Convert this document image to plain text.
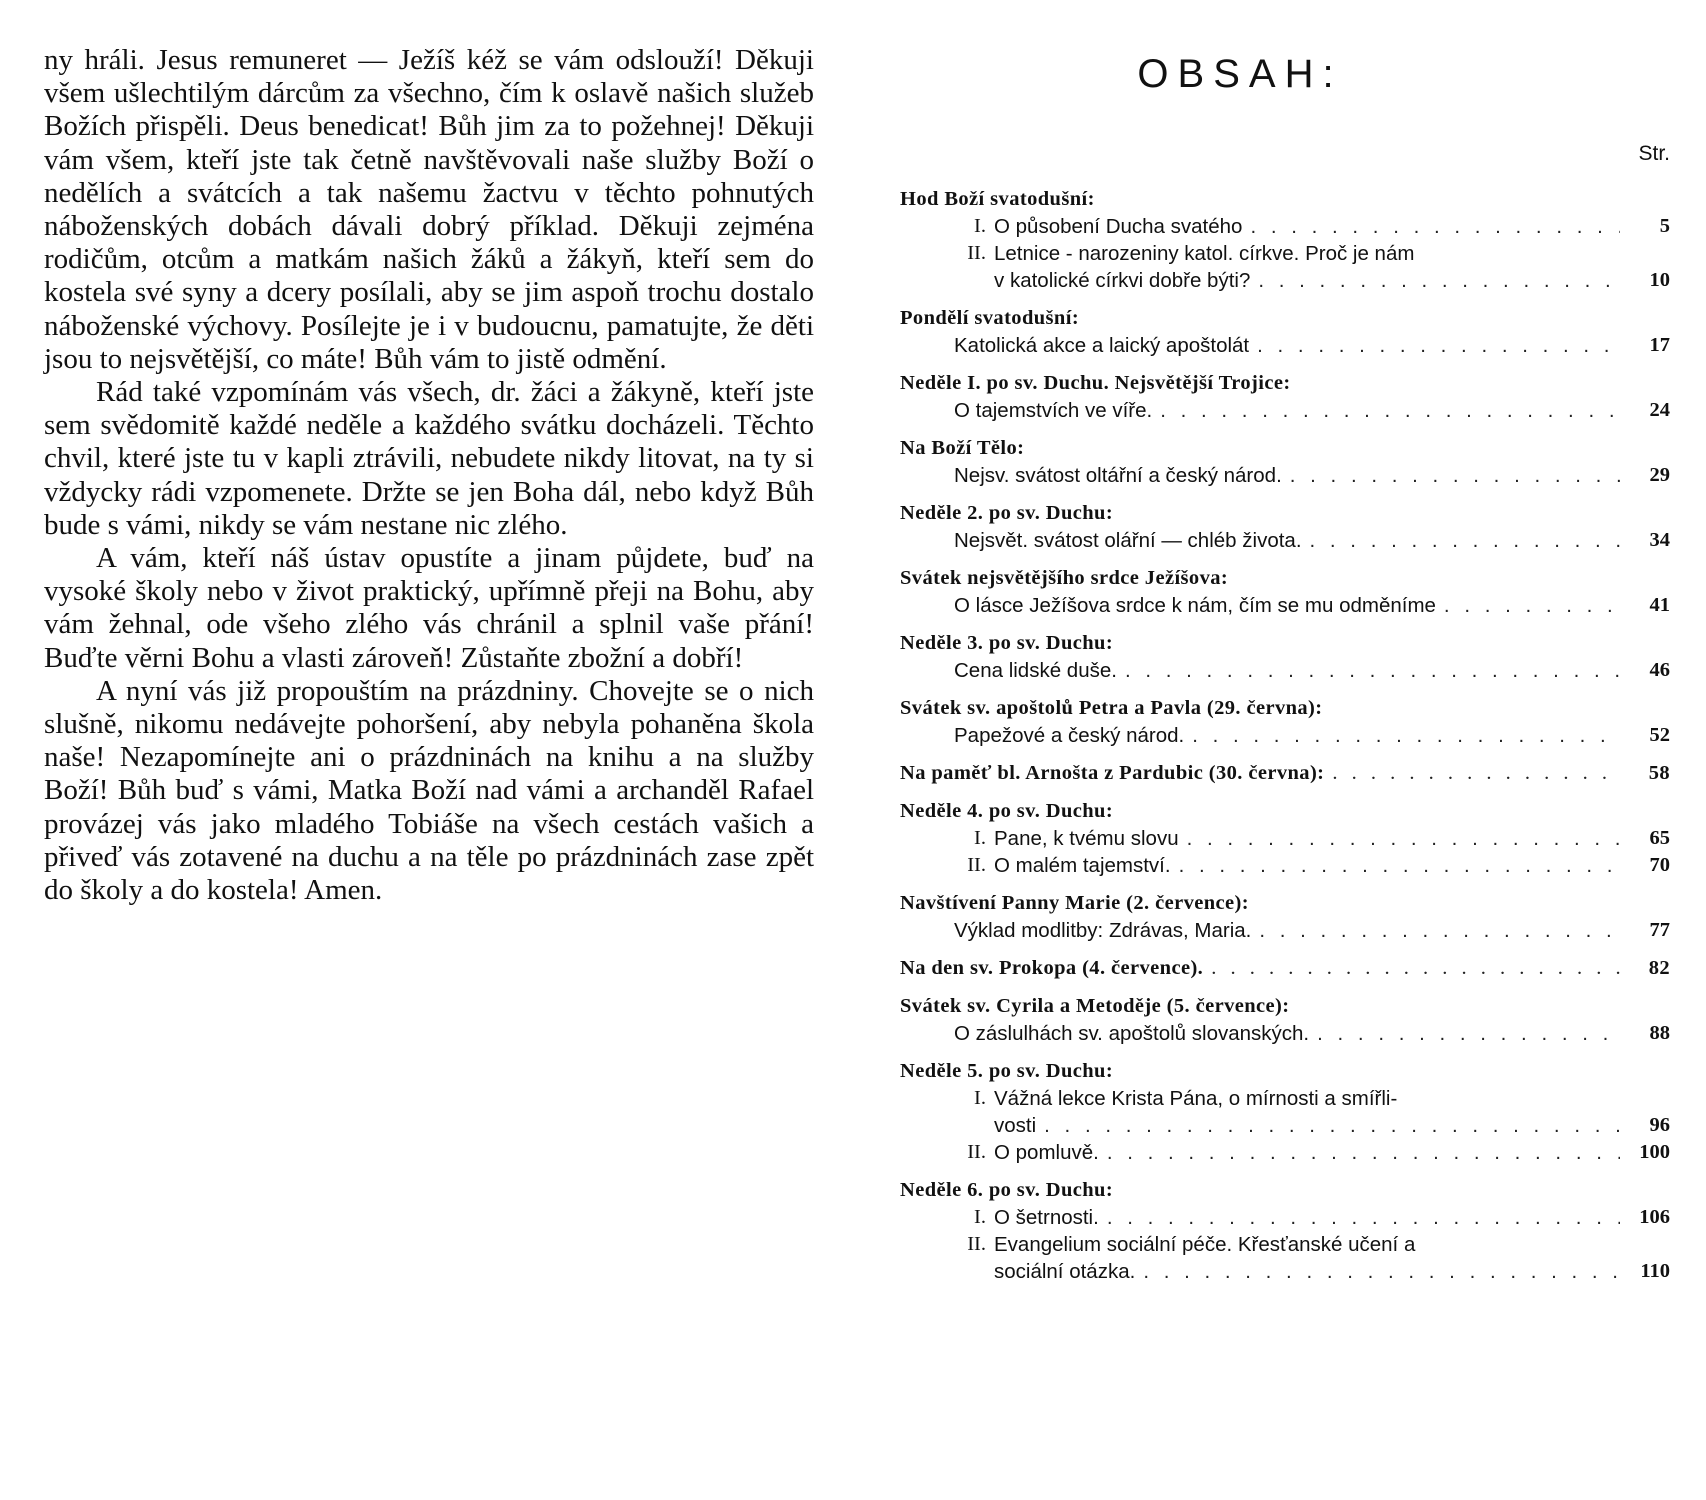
ny hráli. Jesus remuneret — Ježíš kéž se vám odslouží! Děkuji všem ušlechtilým dárcům za všechno, čím k oslavě našich služeb Božích přispěli. Deus benedicat! Bůh jim za to požehnej! Děkuji vám všem, kteří jste tak četně navštěvovali naše služby Boží o nedělích a svátcích a tak našemu žactvu v těchto pohnutých náboženských dobách dávali dobrý příklad. Děkuji zejména rodičům, otcům a matkám našich žáků a žákyň, kteří sem do kostela své syny a dcery posílali, aby se jim aspoň trochu dostalo náboženské výchovy. Posílejte je i v budoucnu, pamatujte, že děti jsou to nejsvětější, co máte! Bůh vám to jistě odmění.

Rád také vzpomínám vás všech, dr. žáci a žákyně, kteří jste sem svědomitě každé neděle a každého svátku docházeli. Těchto chvil, které jste tu v kapli ztrávili, nebudete nikdy litovat, na ty si vždycky rádi vzpomenete. Držte se jen Boha dál, nebo když Bůh bude s vámi, nikdy se vám nestane nic zlého.

A vám, kteří náš ústav opustíte a jinam půjdete, buď na vysoké školy nebo v život praktický, upřímně přeji na Bohu, aby vám žehnal, ode všeho zlého vás chránil a splnil vaše přání! Buďte věrni Bohu a vlasti zároveň! Zůstaňte zbožní a dobří!

A nyní vás již propouštím na prázdniny. Chovejte se o nich slušně, nikomu nedávejte pohoršení, aby nebyla pohaněna škola naše! Nezapomínejte ani o prázdninách na knihu a na služby Boží! Bůh buď s vámi, Matka Boží nad vámi a archanděl Rafael provázej vás jako mladého Tobiáše na všech cestách vašich a přiveď vás zotavené na duchu a na těle po prázdninách zase zpět do školy a do kostela! Amen.

OBSAH:
Str.
Hod Boží svatodušní:
I. O působení Ducha svatého . . .	5
II. Letnice - narozeniny katol. církve. Proč je nám
v katolické církvi dobře býti? . . .	10
Pondělí svatodušní:
Katolická akce a laický apoštolát . . .	17
Neděle I. po sv. Duchu. Nejsvětější Trojice:
O tajemstvích ve víře. . . .	24
Na Boží Tělo:
Nejsv. svátost oltářní a český národ. . . .	29
Neděle 2. po sv. Duchu:
Nejsvět. svátost olářní — chléb života. . . .	34
Svátek nejsvětějšího srdce Ježíšova:
O lásce Ježíšova srdce k nám, čím se mu odměníme . . .	41
Neděle 3. po sv. Duchu:
Cena lidské duše. . . .	46
Svátek sv. apoštolů Petra a Pavla (29. června):
Papežové a český národ. . . .	52
Na paměť bl. Arnošta z Pardubic (30. června): . . .	58
Neděle 4. po sv. Duchu:
I. Pane, k tvému slovu . . .	65
II. O malém tajemství. . . .	70
Navštívení Panny Marie (2. července):
Výklad modlitby: Zdrávas, Maria. . . .	77
Na den sv. Prokopa (4. července). . . .	82
Svátek sv. Cyrila a Metoděje (5. července):
O záslulhách sv. apoštolů slovanských. . . .	88
Neděle 5. po sv. Duchu:
I. Vážná lekce Krista Pána, o mírnosti a smířli-
vosti . . .	96
II. O pomluvě. . . .	100
Neděle 6. po sv. Duchu:
I. O šetrnosti. . . .	106
II. Evangelium sociální péče. Křesťanské učení a
sociální otázka. . . .	110
